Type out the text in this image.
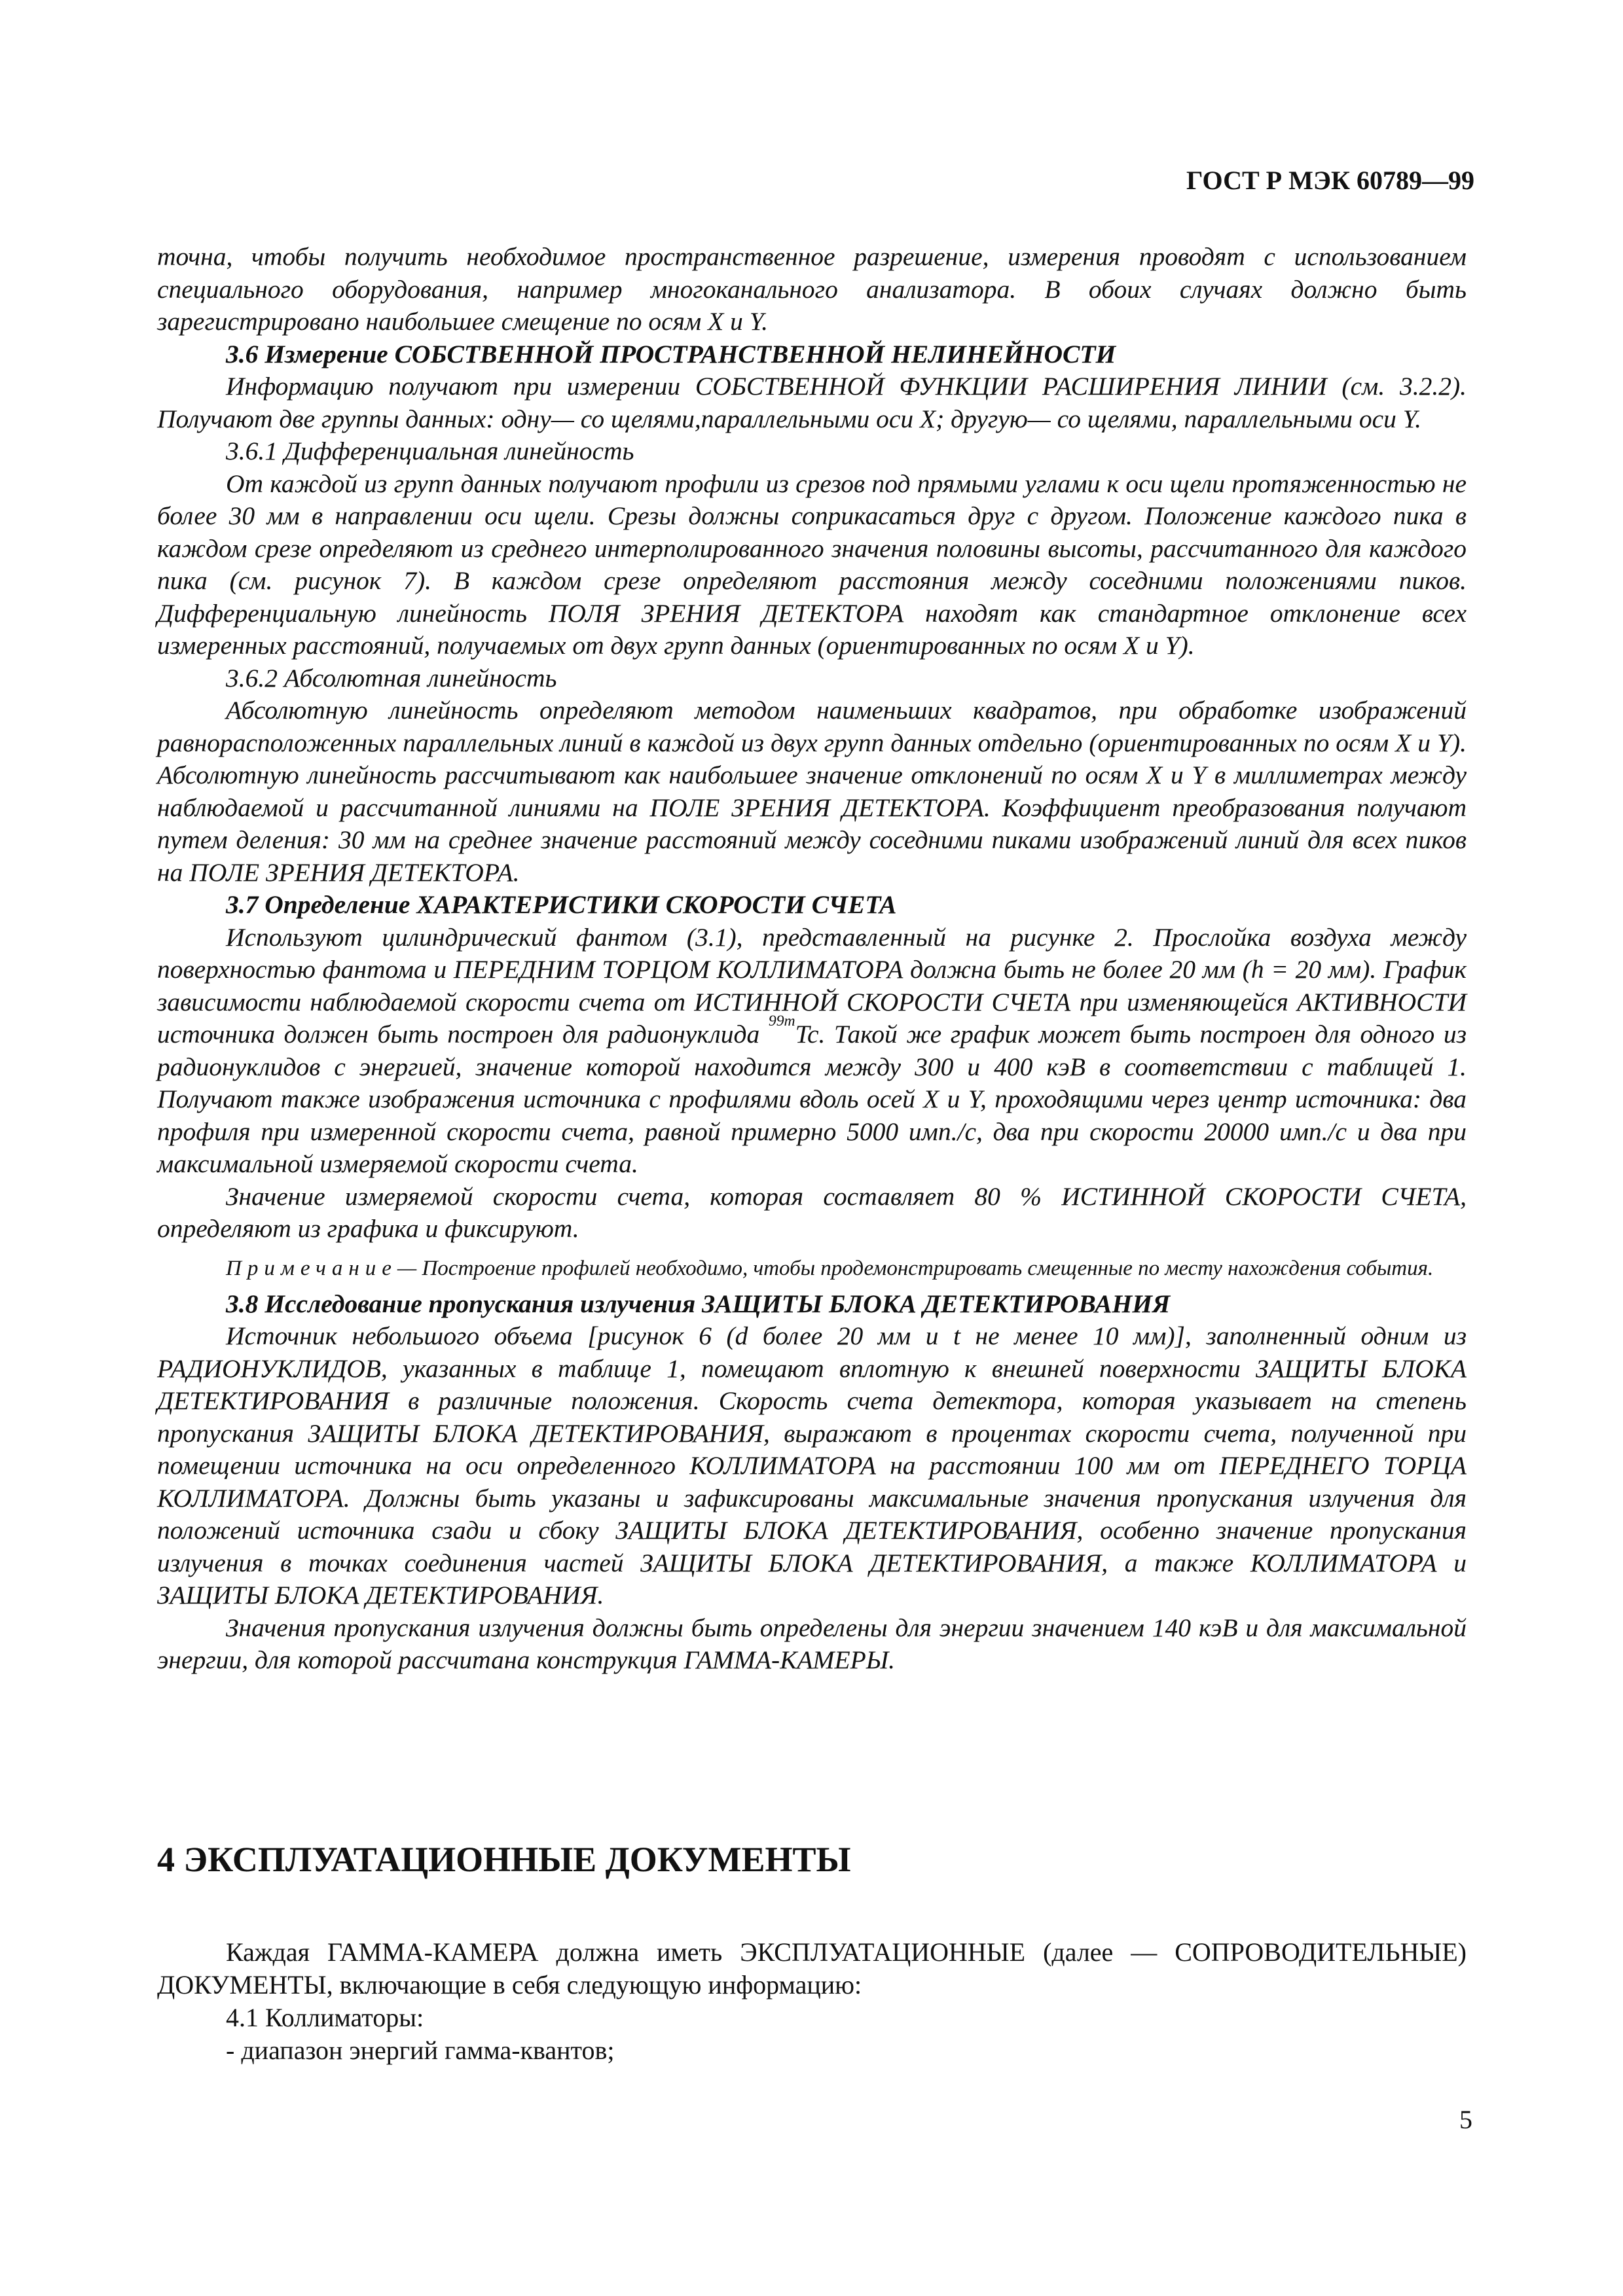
ГОСТ Р МЭК 60789—99

точна, чтобы получить необходимое пространственное разрешение, измерения проводят с использованием специального оборудования, например многоканального анализатора. В обоих случаях должно быть зарегистрировано наибольшее смещение по осям X и Y.

3.6 Измерение СОБСТВЕННОЙ ПРОСТРАНСТВЕННОЙ НЕЛИНЕЙНОСТИ

Информацию получают при измерении СОБСТВЕННОЙ ФУНКЦИИ РАСШИРЕНИЯ ЛИНИИ (см. 3.2.2). Получают две группы данных: одну— со щелями,параллельными оси X; другую— со щелями, параллельными оси Y.

3.6.1 Дифференциальная линейность

От каждой из групп данных получают профили из срезов под прямыми углами к оси щели протяженностью не более 30 мм в направлении оси щели. Срезы должны соприкасаться друг с другом. Положение каждого пика в каждом срезе определяют из среднего интерполированного значения половины высоты, рассчитанного для каждого пика (см. рисунок 7). В каждом срезе определяют расстояния между соседними положениями пиков. Дифференциальную линейность ПОЛЯ ЗРЕНИЯ ДЕТЕКТОРА находят как стандартное отклонение всех измеренных расстояний, получаемых от двух групп данных (ориентированных по осям X и Y).

3.6.2 Абсолютная линейность

Абсолютную линейность определяют методом наименьших квадратов, при обработке изображений равнорасположенных параллельных линий в каждой из двух групп данных отдельно (ориентированных по осям X и Y). Абсолютную линейность рассчитывают как наибольшее значение отклонений по осям X и Y в миллиметрах между наблюдаемой и рассчитанной линиями на ПОЛЕ ЗРЕНИЯ ДЕТЕКТОРА. Коэффициент преобразования получают путем деления: 30 мм на среднее значение расстояний между соседними пиками изображений линий для всех пиков на ПОЛЕ ЗРЕНИЯ ДЕТЕКТОРА.

3.7 Определение ХАРАКТЕРИСТИКИ СКОРОСТИ СЧЕТА

Используют цилиндрический фантом (3.1), представленный на рисунке 2. Прослойка воздуха между поверхностью фантома и ПЕРЕДНИМ ТОРЦОМ КОЛЛИМАТОРА должна быть не более 20 мм (h = 20 мм). График зависимости наблюдаемой скорости счета от ИСТИННОЙ СКОРОСТИ СЧЕТА при изменяющейся АКТИВНОСТИ источника должен быть построен для радионуклида $^{99m}$Tc. Такой же график может быть построен для одного из радионуклидов с энергией, значение которой находится между 300 и 400 кэВ в соответствии с таблицей 1. Получают также изображения источника с профилями вдоль осей X и Y, проходящими через центр источника: два профиля при измеренной скорости счета, равной примерно 5000 имп./с, два при скорости 20000 имп./с и два при максимальной измеряемой скорости счета.

Значение измеряемой скорости счета, которая составляет 80 % ИСТИННОЙ СКОРОСТИ СЧЕТА, определяют из графика и фиксируют.

Примечание— Построение профилей необходимо, чтобы продемонстрировать смещенные по месту нахождения события.

3.8 Исследование пропускания излучения ЗАЩИТЫ БЛОКА ДЕТЕКТИРОВАНИЯ

Источник небольшого объема [рисунок 6 (d более 20 мм и t не менее 10 мм)], заполненный одним из РАДИОНУКЛИДОВ, указанных в таблице 1, помещают вплотную к внешней поверхности ЗАЩИТЫ БЛОКА ДЕТЕКТИРОВАНИЯ в различные положения. Скорость счета детектора, которая указывает на степень пропускания ЗАЩИТЫ БЛОКА ДЕТЕКТИРОВАНИЯ, выражают в процентах скорости счета, полученной при помещении источника на оси определенного КОЛЛИМАТОРА на расстоянии 100 мм от ПЕРЕДНЕГО ТОРЦА КОЛЛИМАТОРА. Должны быть указаны и зафиксированы максимальные значения пропускания излучения для положений источника сзади и сбоку ЗАЩИТЫ БЛОКА ДЕТЕКТИРОВАНИЯ, особенно значение пропускания излучения в точках соединения частей ЗАЩИТЫ БЛОКА ДЕТЕКТИРОВАНИЯ, а также КОЛЛИМАТОРА и ЗАЩИТЫ БЛОКА ДЕТЕКТИРОВАНИЯ.

Значения пропускания излучения должны быть определены для энергии значением 140 кэВ и для максимальной энергии, для которой рассчитана конструкция ГАММА-КАМЕРЫ.

4 ЭКСПЛУАТАЦИОННЫЕ ДОКУМЕНТЫ

Каждая ГАММА-КАМЕРА должна иметь ЭКСПЛУАТАЦИОННЫЕ (далее — СОПРОВОДИТЕЛЬНЫЕ) ДОКУМЕНТЫ, включающие в себя следующую информацию:

4.1 Коллиматоры:

- диапазон энергий гамма-квантов;

5
